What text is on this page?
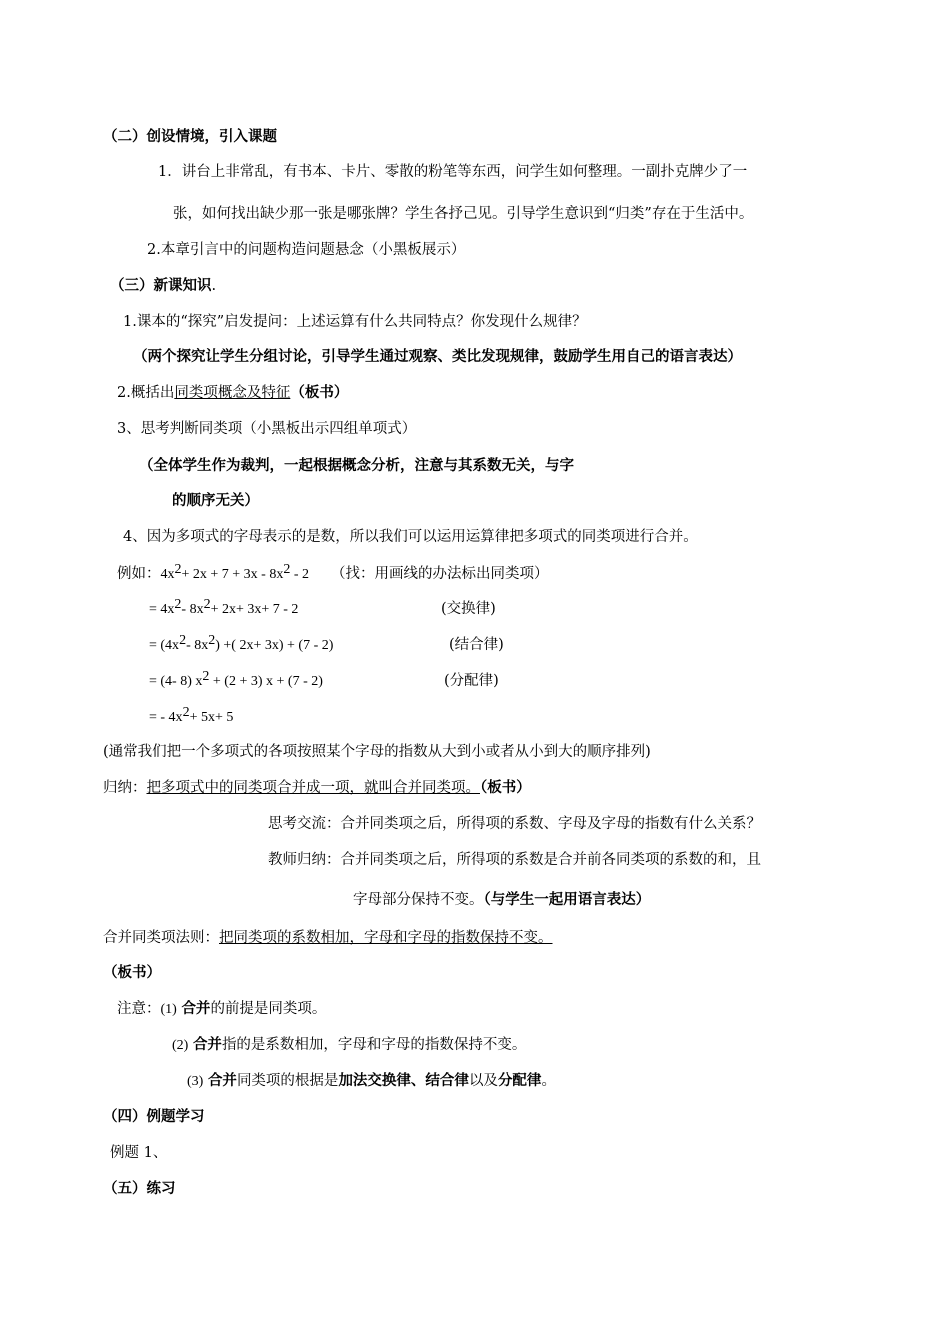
（二）创设情境，引入课题
1．讲台上非常乱，有书本、卡片、零散的粉笔等东西，问学生如何整理。一副扑克牌少了一
张，如何找出缺少那一张是哪张牌？学生各抒己见。引导学生意识到“归类”存在于生活中。
2.本章引言中的问题构造问题悬念（小黑板展示）
（三）新课知识.
1.课本的“探究”启发提问：上述运算有什么共同特点？你发现什么规律？
（两个探究让学生分组讨论，引导学生通过观察、类比发现规律，鼓励学生用自己的语言表达）
2.概括出同类项概念及特征（板书）
3、思考判断同类项（小黑板出示四组单项式）
（全体学生作为裁判，一起根据概念分析，注意与其系数无关，与字
的顺序无关）
4、因为多项式的字母表示的是数，所以我们可以运用运算律把多项式的同类项进行合并。
例如：$4x^2+ 2x + 7 + 3x - 8x^2 - 2$ （找：用画线的办法标出同类项）
= $4x^2-$ $8x^2+ 2x+ 3x+ 7 - 2$	(交换律)
= ($4x^2-$ $8x^2$) +( 2x+ 3x) + (7 - 2)	(结合律)
= (4- 8) $x^2 + (2 + 3) x + (7 - 2)$	(分配律)
= - $4x^2+ 5x+ 5$
(通常我们把一个多项式的各项按照某个字母的指数从大到小或者从小到大的顺序排列)
归纳：把多项式中的同类项合并成一项，就叫合并同类项。（板书）
思考交流：合并同类项之后，所得项的系数、字母及字母的指数有什么关系？
教师归纳：合并同类项之后，所得项的系数是合并前各同类项的系数的和，且
字母部分保持不变。（与学生一起用语言表达）
合并同类项法则：把同类项的系数相加，字母和字母的指数保持不变。
（板书）
注意：(1) 合并的前提是同类项。
(2) 合并指的是系数相加，字母和字母的指数保持不变。
(3) 合并同类项的根据是加法交换律、结合律以及分配律。
（四）例题学习
例题 1、
（五）练习
